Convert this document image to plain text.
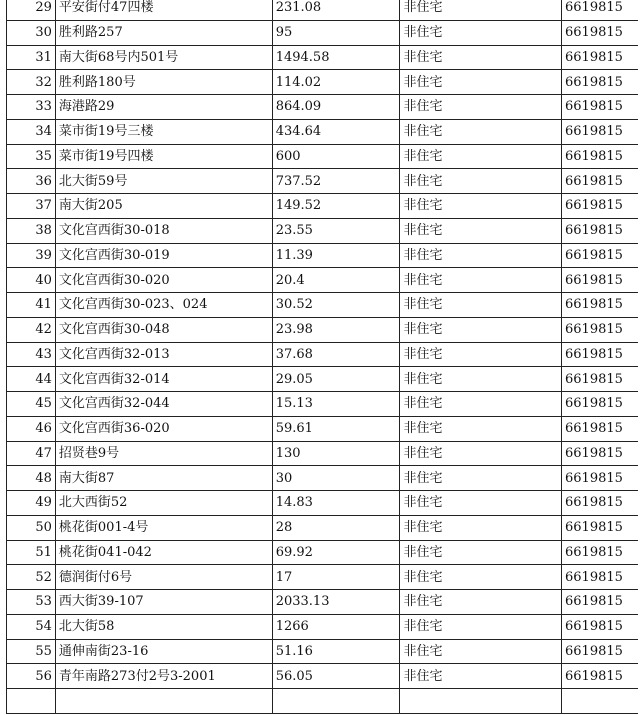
29	平安街付47四楼	231.08	非住宅	6619815
30	胜利路257	95	非住宅	6619815
31	南大街68号内501号	1494.58	非住宅	6619815
32	胜利路180号	114.02	非住宅	6619815
33	海港路29	864.09	非住宅	6619815
34	菜市街19号三楼	434.64	非住宅	6619815
35	菜市街19号四楼	600	非住宅	6619815
36	北大街59号	737.52	非住宅	6619815
37	南大街205	149.52	非住宅	6619815
38	文化宫西街30-018	23.55	非住宅	6619815
39	文化宫西街30-019	11.39	非住宅	6619815
40	文化宫西街30-020	20.4	非住宅	6619815
41	文化宫西街30-023、024	30.52	非住宅	6619815
42	文化宫西街30-048	23.98	非住宅	6619815
43	文化宫西街32-013	37.68	非住宅	6619815
44	文化宫西街32-014	29.05	非住宅	6619815
45	文化宫西街32-044	15.13	非住宅	6619815
46	文化宫西街36-020	59.61	非住宅	6619815
47	招贤巷9号	130	非住宅	6619815
48	南大街87	30	非住宅	6619815
49	北大西街52	14.83	非住宅	6619815
50	桃花街001-4号	28	非住宅	6619815
51	桃花街041-042	69.92	非住宅	6619815
52	德润街付6号	17	非住宅	6619815
53	西大街39-107	2033.13	非住宅	6619815
54	北大街58	1266	非住宅	6619815
55	通伸南街23-16	51.16	非住宅	6619815
56	青年南路273付2号3-2001	56.05	非住宅	6619815
